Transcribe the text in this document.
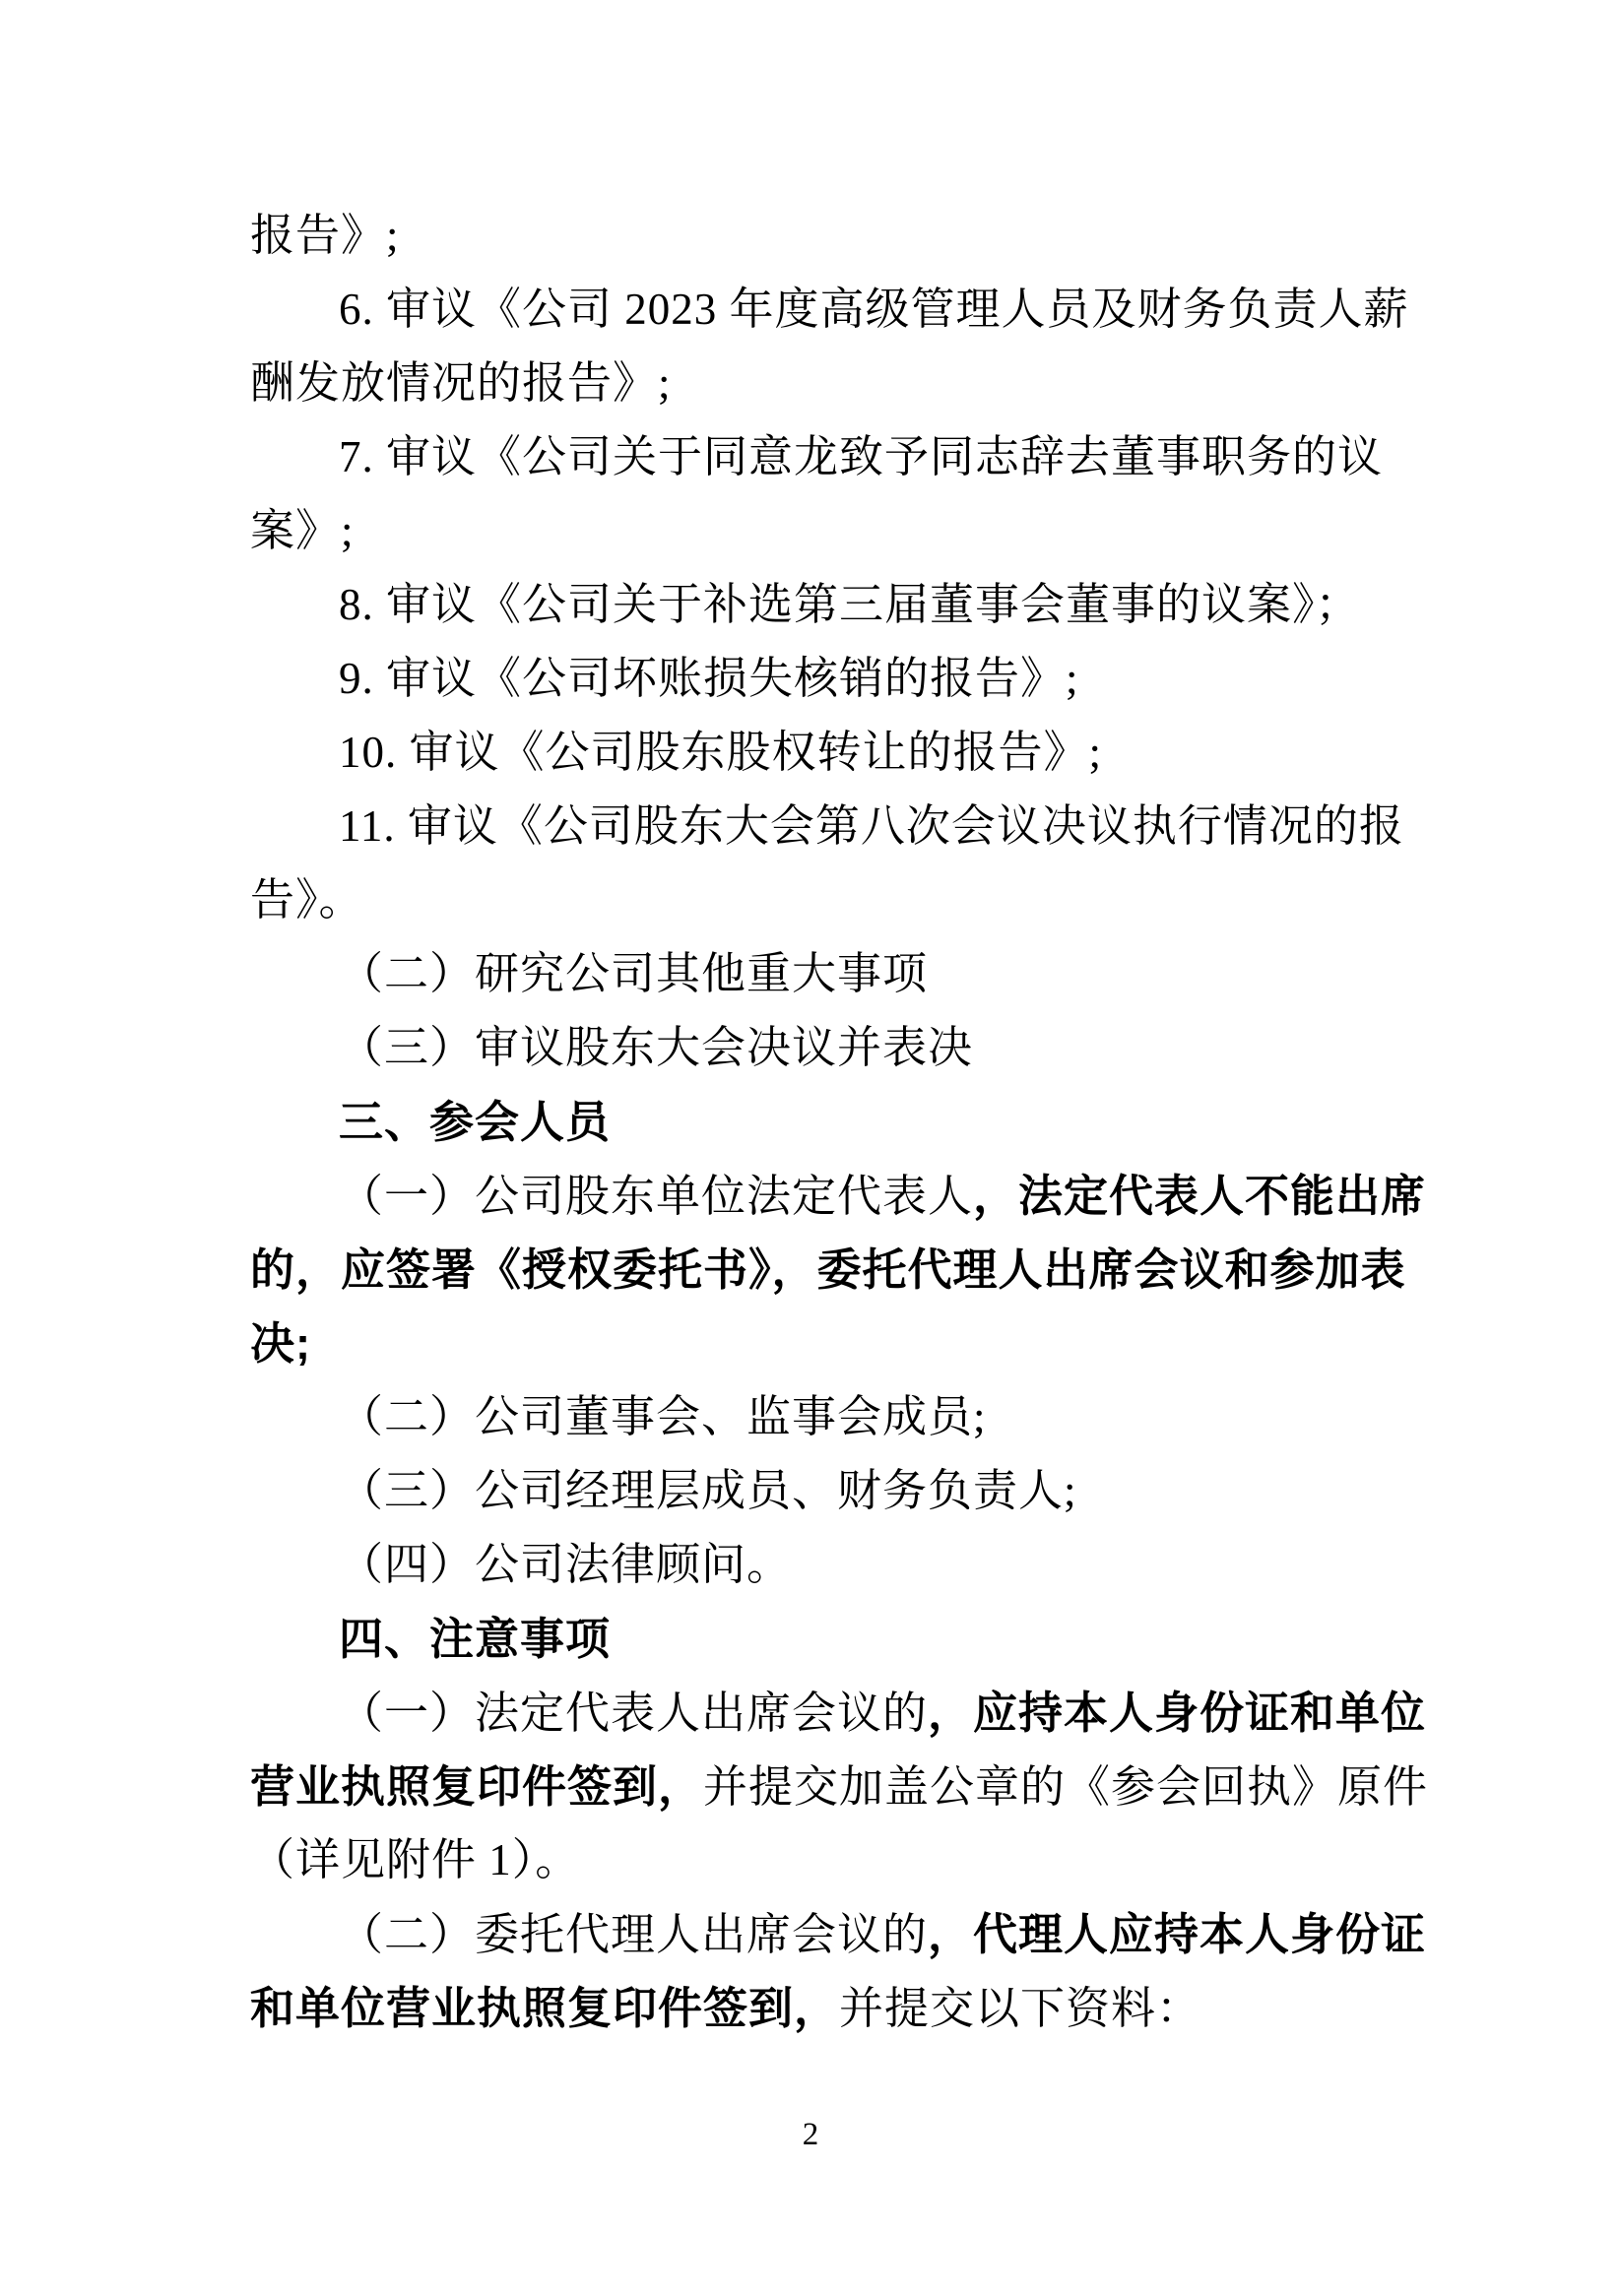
报告》;
6. 审议《公司 2023 年度高级管理人员及财务负责人薪
酬发放情况的报告》;
7. 审议《公司关于同意龙致予同志辞去董事职务的议
案》;
8. 审议《公司关于补选第三届董事会董事的议案》；
9. 审议《公司坏账损失核销的报告》;
10. 审议《公司股东股权转让的报告》;
11. 审议《公司股东大会第八次会议决议执行情况的报
告》。
（二）研究公司其他重大事项
（三）审议股东大会决议并表决
三、参会人员
（一）公司股东单位法定代表人，法定代表人不能出席
的，应签署《授权委托书》，委托代理人出席会议和参加表
决;
（二）公司董事会、监事会成员;
（三）公司经理层成员、财务负责人;
（四）公司法律顾问。
四、注意事项
（一）法定代表人出席会议的，应持本人身份证和单位
营业执照复印件签到，并提交加盖公章的《参会回执》原件
（详见附件 1）。
（二）委托代理人出席会议的，代理人应持本人身份证
和单位营业执照复印件签到，并提交以下资料：
2
